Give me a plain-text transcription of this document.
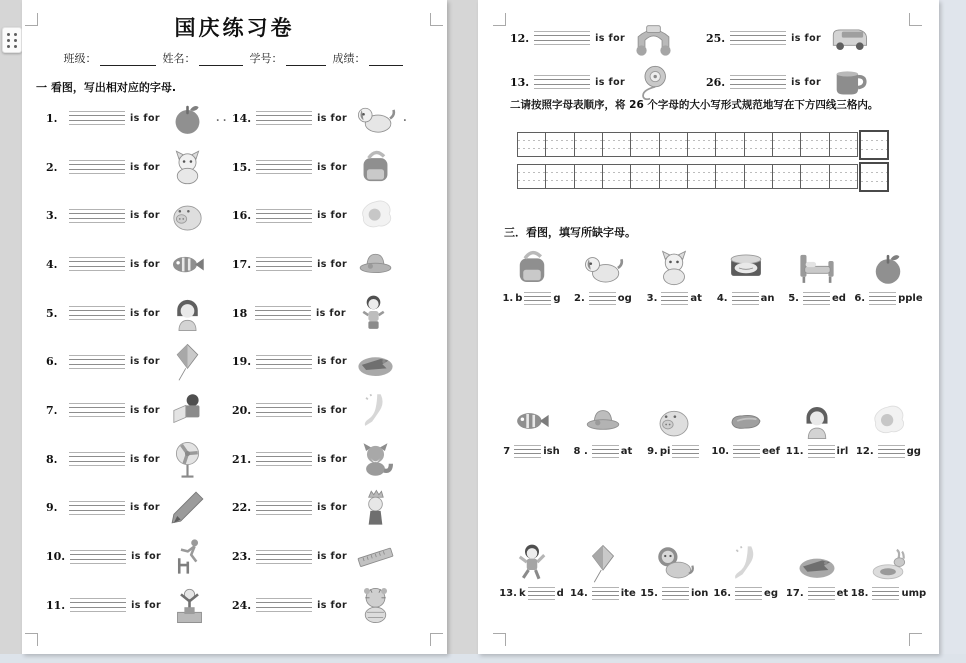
国庆练习卷
班级：	姓名：	学号：	成绩：
一 看图，写出相对应的字母.
1.	is for	. .
2.	is for
3.	is for
4.	is for
5.	is for
6.	is for
7.	is for
8.	is for
9.	is for
10.	is for
11.	is for
14.	is for	.
15.	is for
16.	is for
17.	is for
18	is for
19.	is for
20.	is for
21.	is for
22.	is for
23.	is for
24.	is for
12.	is for	25.	is for
13.	is for	26.	is for
二请按照字母表顺序，将 26 个字母的大小写形式规范地写在下方四线三格内。
三．看图，填写所缺字母。
1. b	g 2.	og 3.	at 4.	an 5.	ed 6.	pple
7	ish 8 .	at 9. pi	10.	eef 11.	irl 12.	gg
13. k	d 14.	ite 15.	ion 16.	eg 17.	et 18.	ump
